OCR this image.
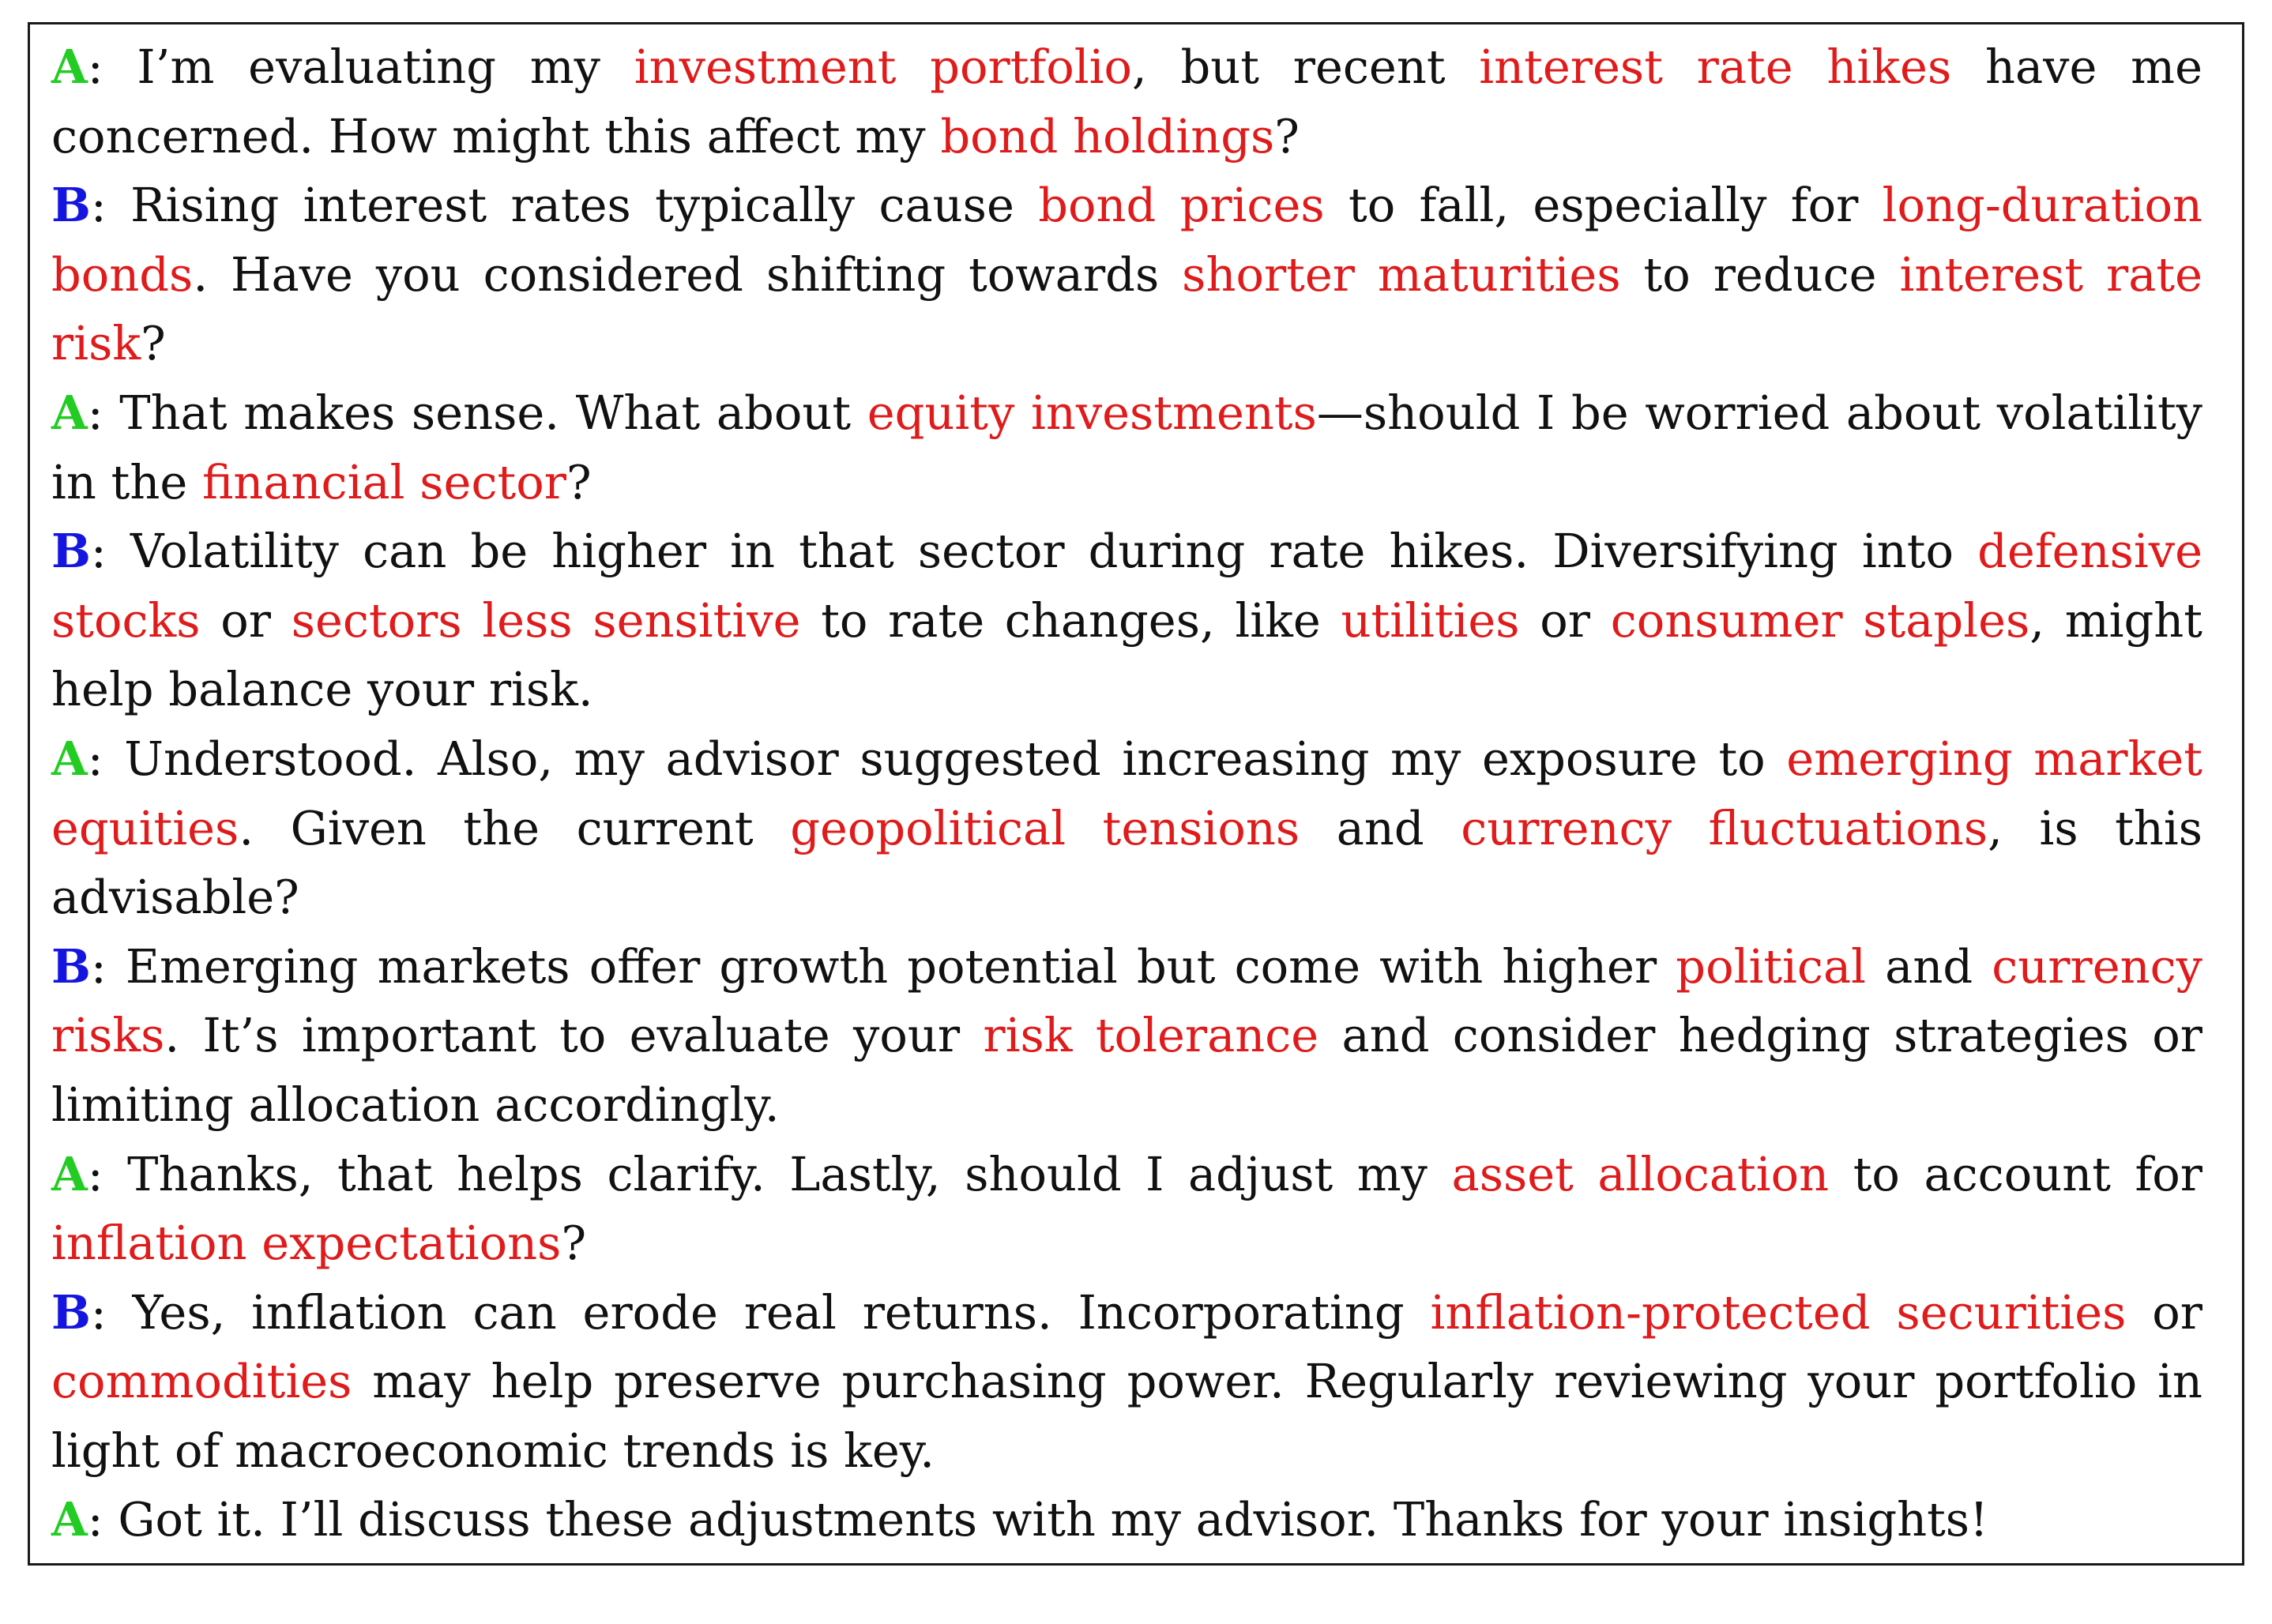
A: I’m evaluating my investment portfolio, but recent interest rate hikes have me concerned. How might this affect my bond holdings?

B: Rising interest rates typically cause bond prices to fall, especially for long-duration bonds. Have you considered shifting towards shorter maturities to reduce interest rate risk?

A: That makes sense. What about equity investments—should I be worried about volatility in the financial sector?

B: Volatility can be higher in that sector during rate hikes. Diversifying into defensive stocks or sectors less sensitive to rate changes, like utilities or consumer staples, might help balance your risk.

A: Understood. Also, my advisor suggested increasing my exposure to emerging market equities. Given the current geopolitical tensions and currency fluctuations, is this advisable?

B: Emerging markets offer growth potential but come with higher political and currency risks. It’s important to evaluate your risk tolerance and consider hedging strategies or limiting allocation accordingly.

A: Thanks, that helps clarify. Lastly, should I adjust my asset allocation to account for inflation expectations?

B: Yes, inflation can erode real returns. Incorporating inflation-protected securities or commodities may help preserve purchasing power. Regularly reviewing your portfolio in light of macroeconomic trends is key.

A: Got it. I’ll discuss these adjustments with my advisor. Thanks for your insights!
